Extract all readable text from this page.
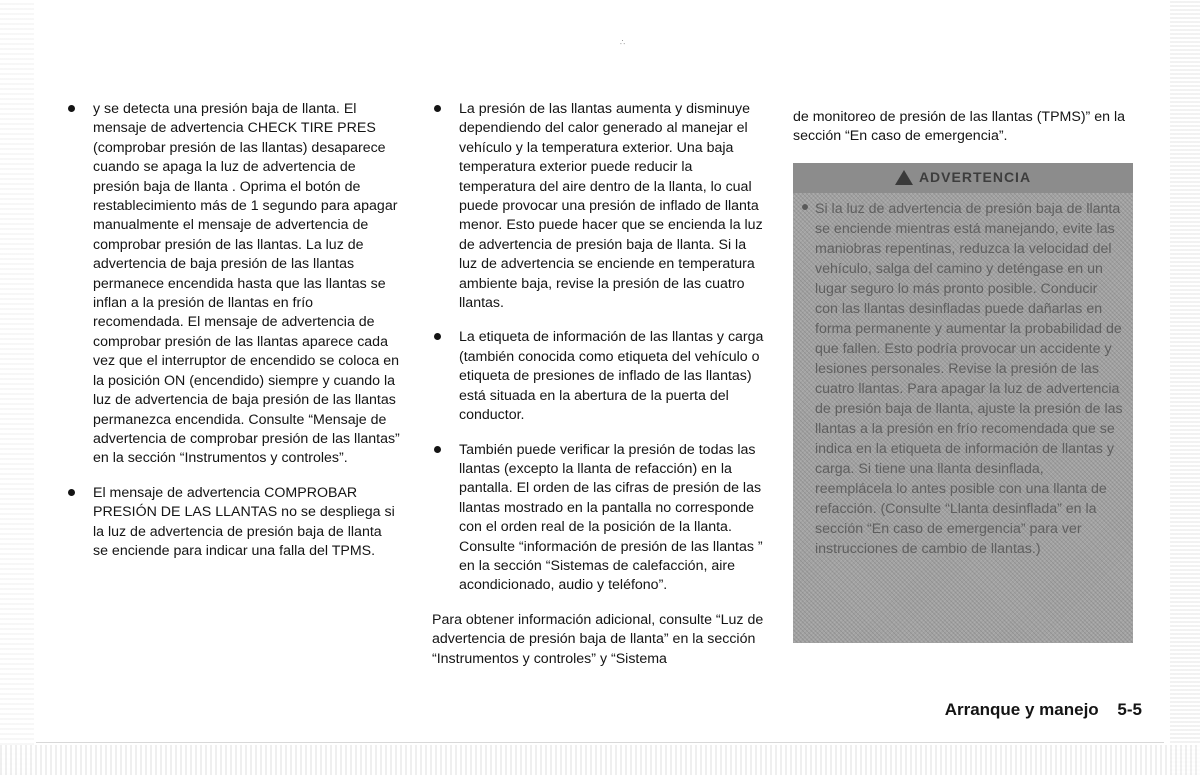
∴
y se detecta una presión baja de llanta. El mensaje de advertencia CHECK TIRE PRES (comprobar presión de las llantas) desaparece cuando se apaga la luz de advertencia de presión baja de llanta . Oprima el botón de restablecimiento más de 1 segundo para apagar manualmente el mensaje de advertencia de comprobar presión de las llantas. La luz de advertencia de baja presión de las llantas permanece encendida hasta que las llantas se inflan a la presión de llantas en frío recomendada. El mensaje de advertencia de comprobar presión de las llantas aparece cada vez que el interruptor de encendido se coloca en la posición ON (encendido) siempre y cuando la luz de advertencia de baja presión de las llantas permanezca encendida. Consulte “Mensaje de advertencia de comprobar presión de las llantas” en la sección “Instrumentos y controles”.
El mensaje de advertencia COMPROBAR PRESIÓN DE LAS LLANTAS no se despliega si la luz de advertencia de presión baja de llanta se enciende para indicar una falla del TPMS.
La presión de las llantas aumenta y disminuye dependiendo del calor generado al manejar el vehículo y la temperatura exterior. Una baja temperatura exterior puede reducir la temperatura del aire dentro de la llanta, lo cual puede provocar una presión de inflado de llanta menor. Esto puede hacer que se encienda la luz de advertencia de presión baja de llanta. Si la luz de advertencia se enciende en temperatura ambiente baja, revise la presión de las cuatro llantas.
La etiqueta de información de las llantas y carga (también conocida como etiqueta del vehículo o etiqueta de presiones de inflado de las llantas) está situada en la abertura de la puerta del conductor.
También puede verificar la presión de todas las llantas (excepto la llanta de refacción) en la pantalla. El orden de las cifras de presión de las llantas mostrado en la pantalla no corresponde con el orden real de la posición de la llanta. Consulte “información de presión de las llantas ” en la sección “Sistemas de calefacción, aire acondicionado, audio y teléfono”.

Para obtener información adicional, consulte “Luz de advertencia de presión baja de llanta” en la sección “Instrumentos y controles” y “Sistema

de monitoreo de presión de las llantas (TPMS)” en la sección “En caso de emergencia”.

ADVERTENCIA
Si la luz de advertencia de presión baja de llanta se enciende mientras está manejando, evite las maniobras repentinas, reduzca la velocidad del vehículo, salga del camino y deténgase en un lugar seguro lo más pronto posible. Conducir con las llantas desinfladas puede dañarlas en forma permanente y aumentar la probabilidad de que fallen. Esto podría provocar un accidente y lesiones personales. Revise la presión de las cuatro llantas. Para apagar la luz de advertencia de presión baja de llanta, ajuste la presión de las llantas a la presión en frío recomendada que se indica en la etiqueta de información de llantas y carga. Si tiene una llanta desinflada, reemplácela lo antes posible con una llanta de refacción. (Consulte “Llanta desinflada” en la sección “En caso de emergencia” para ver instrucciones de cambio de llantas.)
Arranque y manejo 5-5
